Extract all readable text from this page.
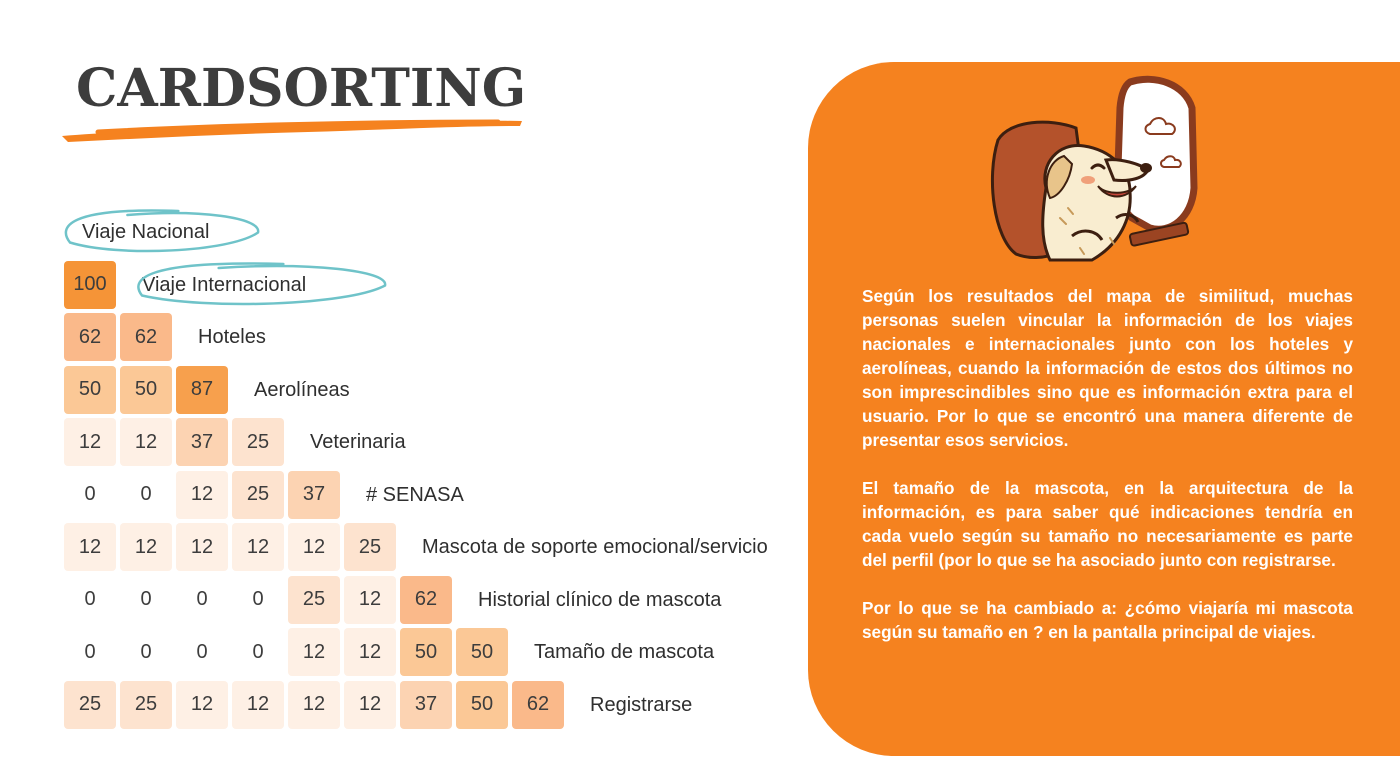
CARDSORTING
Viaje Nacional
100	Viaje Internacional
62	62	Hoteles
50	50	87	Aerolíneas
12	12	37	25	Veterinaria
0	0	12	25	37	# SENASA
12	12	12	12	12	25	Mascota de soporte emocional/servicio
0	0	0	0	25	12	62	Historial clínico de mascota
0	0	0	0	12	12	50	50	Tamaño de mascota
25	25	12	12	12	12	37	50	62	Registrarse

Según los resultados del mapa de similitud, muchas personas suelen vincular la información de los viajes nacionales e internacionales junto con los hoteles y aerolíneas, cuando la información de estos dos últimos no son imprescindibles sino que es información extra para el usuario. Por lo que se encontró una manera diferente de presentar esos servicios.

El tamaño de la mascota, en la arquitectura de la información, es para saber qué indicaciones tendría en cada vuelo según su tamaño no necesariamente es parte del perfil (por lo que se ha asociado junto con registrarse.

Por lo que se ha cambiado a: ¿cómo viajaría mi mascota según su tamaño en ? en la pantalla principal de viajes.
